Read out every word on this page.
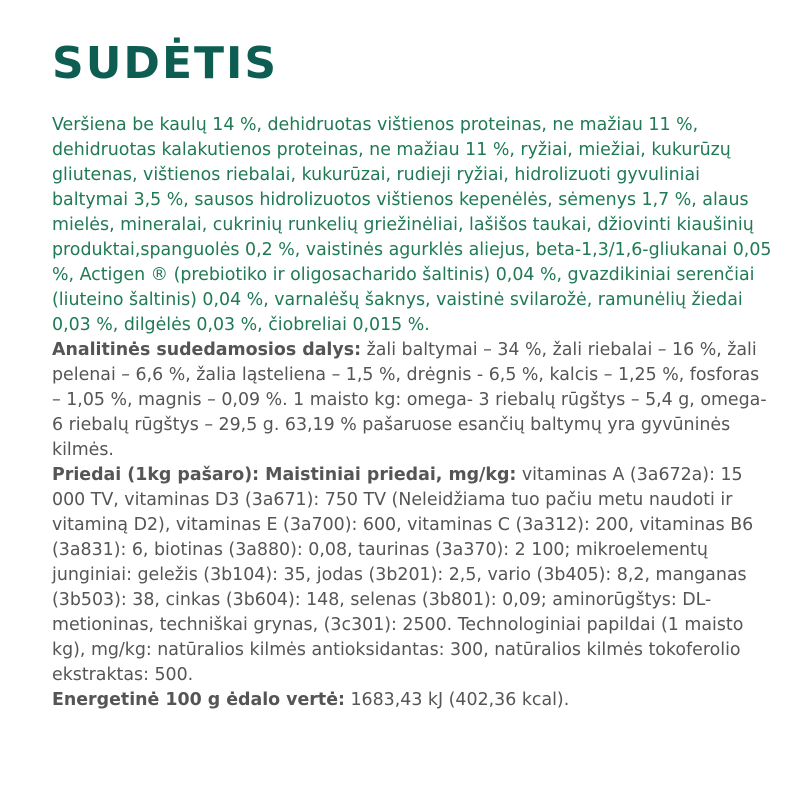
SUDĖTIS

Veršiena be kaulų 14 %, dehidruotas vištienos proteinas, ne mažiau 11 %, dehidruotas kalakutienos proteinas, ne mažiau 11 %, ryžiai, miežiai, kukurūzų gliutenas, vištienos riebalai, kukurūzai, rudieji ryžiai, hidrolizuoti gyvuliniai baltymai 3,5 %, sausos hidrolizuotos vištienos kepenėlės, sėmenys 1,7 %, alaus mielės, mineralai, cukrinių runkelių griežinėliai, lašišos taukai, džiovinti kiaušinių produktai,spanguolės 0,2 %, vaistinės agurklės aliejus, beta-1,3/1,6-gliukanai 0,05 %, Actigen ® (prebiotiko ir oligosacharido šaltinis) 0,04 %, gvazdikiniai serenčiai (liuteino šaltinis) 0,04 %, varnalėšų šaknys, vaistinė svilarožė, ramunėlių žiedai 0,03 %, dilgėlės 0,03 %, čiobreliai 0,015 %.

Analitinės sudedamosios dalys: žali baltymai – 34 %, žali riebalai – 16 %, žali pelenai – 6,6 %, žalia ląsteliena – 1,5 %, drėgnis - 6,5 %, kalcis – 1,25 %, fosforas – 1,05 %, magnis – 0,09 %. 1 maisto kg: omega- 3 riebalų rūgštys – 5,4 g, omega- 6 riebalų rūgštys – 29,5 g. 63,19 % pašaruose esančių baltymų yra gyvūninės kilmės.

Priedai (1kg pašaro): Maistiniai priedai, mg/kg: vitaminas A (3a672a): 15 000 TV, vitaminas D3 (3a671): 750 TV (Neleidžiama tuo pačiu metu naudoti ir vitaminą D2), vitaminas E (3a700): 600, vitaminas C (3a312): 200, vitaminas B6 (3a831): 6, biotinas (3a880): 0,08, taurinas (3a370): 2 100; mikroelementų junginiai: geležis (3b104): 35, jodas (3b201): 2,5, vario (3b405): 8,2, manganas (3b503): 38, cinkas (3b604): 148, selenas (3b801): 0,09; aminorūgštys: DL-metioninas, techniškai grynas, (3c301): 2500. Technologiniai papildai (1 maisto kg), mg/kg: natūralios kilmės antioksidantas: 300, natūralios kilmės tokoferolio ekstraktas: 500.

Energetinė 100 g ėdalo vertė: 1683,43 kJ (402,36 kcal).
